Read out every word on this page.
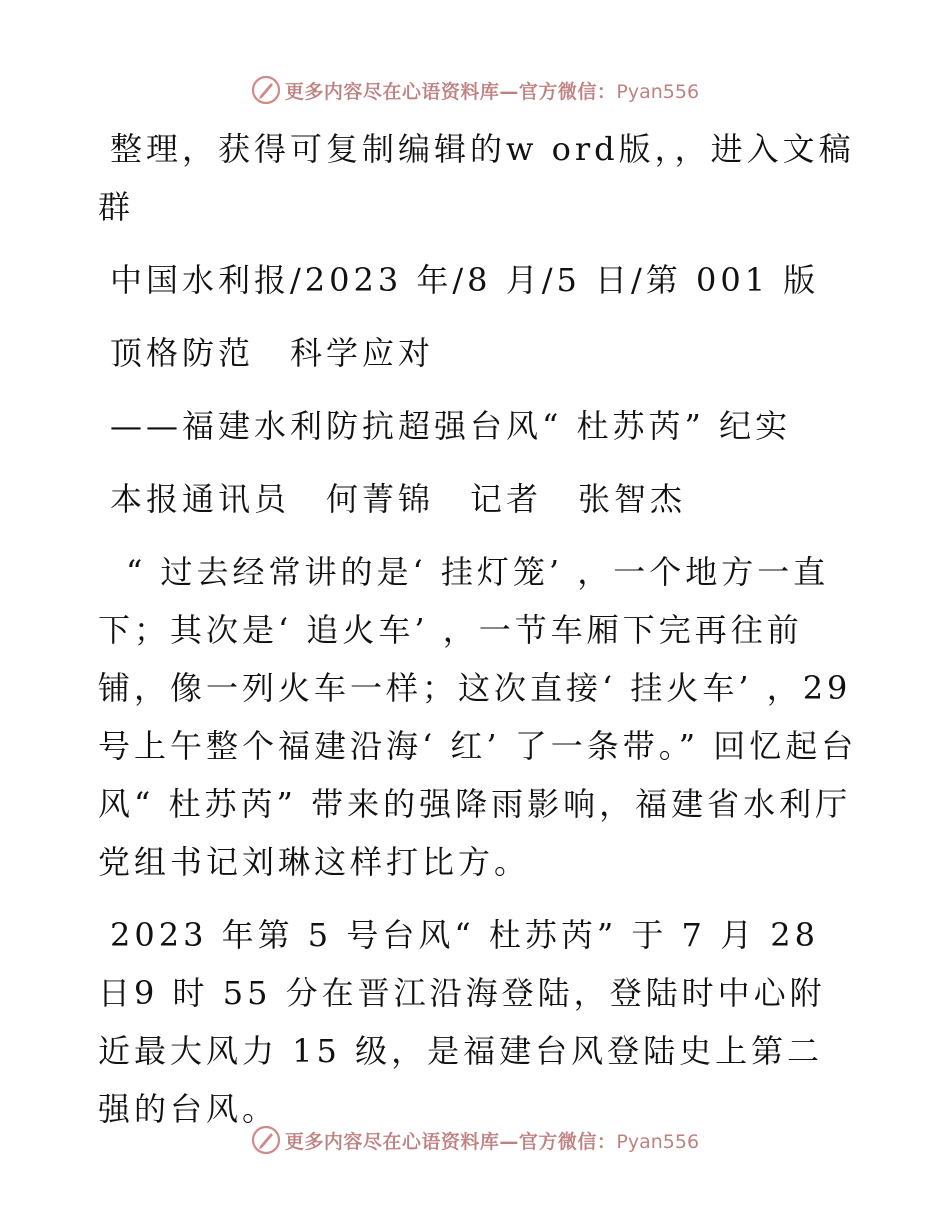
更多内容尽在心语资料库—官方微信：Pyan556

整理，获得可复制编辑的w ord版，，进入文稿群

中国水利报/2023 年/8 月/5 日/第 001 版

顶格防范　科学应对

——福建水利防抗超强台风“ 杜苏芮” 纪实

本报通讯员　何菁锦　记者　张智杰

“ 过去经常讲的是‘ 挂灯笼’ ，一个地方一直下；其次是‘ 追火车’ ，一节车厢下完再往前铺，像一列火车一样；这次直接‘ 挂火车’ ，29号上午整个福建沿海‘ 红’ 了一条带。” 回忆起台风“ 杜苏芮” 带来的强降雨影响，福建省水利厅党组书记刘琳这样打比方。

2023 年第 5 号台风“ 杜苏芮” 于 7 月 28 日9 时 55 分在晋江沿海登陆，登陆时中心附近最大风力 15 级，是福建台风登陆史上第二强的台风。

更多内容尽在心语资料库—官方微信：Pyan556
